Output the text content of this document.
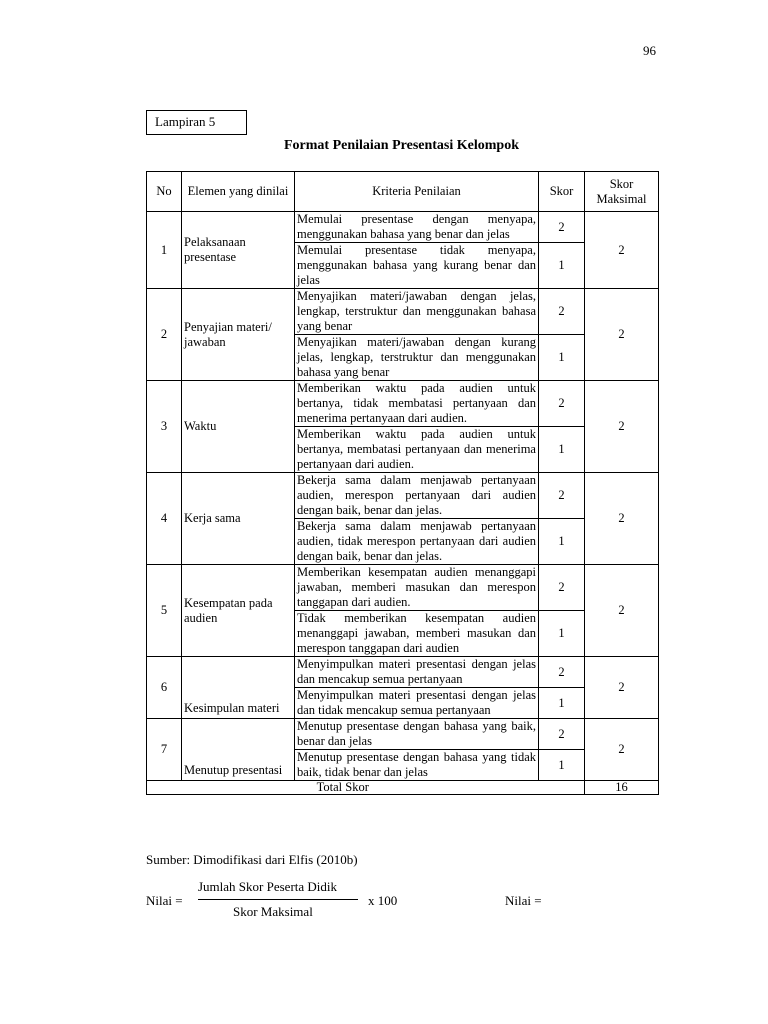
96
Lampiran 5
Format Penilaian Presentasi Kelompok
No	Elemen yang dinilai	Kriteria Penilaian	Skor	Skor Maksimal
1	Pelaksanaan presentase	Memulai presentase dengan menyapa, menggunakan bahasa yang benar dan jelas	2	2
		Memulai presentase tidak menyapa, menggunakan bahasa yang kurang benar dan jelas	1	
2	Penyajian materi/ jawaban	Menyajikan materi/jawaban dengan jelas, lengkap, terstruktur dan menggunakan bahasa yang benar	2	2
		Menyajikan materi/jawaban dengan kurang jelas, lengkap, terstruktur dan menggunakan bahasa yang benar	1	
3	Waktu	Memberikan waktu pada audien untuk bertanya, tidak membatasi pertanyaan dan menerima pertanyaan dari audien.	2	2
		Memberikan waktu pada audien untuk bertanya, membatasi pertanyaan dan menerima pertanyaan dari audien.	1	
4	Kerja sama	Bekerja sama dalam menjawab pertanyaan audien, merespon pertanyaan dari audien dengan baik, benar dan jelas.	2	2
		Bekerja sama dalam menjawab pertanyaan audien, tidak merespon pertanyaan dari audien dengan baik, benar dan jelas.	1	
5	Kesempatan pada audien	Memberikan kesempatan audien menanggapi jawaban, memberi masukan dan merespon tanggapan dari audien.	2	2
		Tidak memberikan kesempatan audien menanggapi jawaban, memberi masukan dan merespon tanggapan dari audien	1	
6	Kesimpulan materi	Menyimpulkan materi presentasi dengan jelas dan mencakup semua pertanyaan	2	2
		Menyimpulkan materi presentasi dengan jelas dan tidak mencakup semua pertanyaan	1	
7	Menutup presentasi	Menutup presentase dengan bahasa yang baik, benar dan jelas	2	2
		Menutup presentase dengan bahasa yang tidak baik, tidak benar dan jelas	1	
Total Skor				16
Sumber: Dimodifikasi dari Elfis (2010b)
Nilai =
Jumlah Skor Peserta Didik
Skor Maksimal
x 100	Nilai =
